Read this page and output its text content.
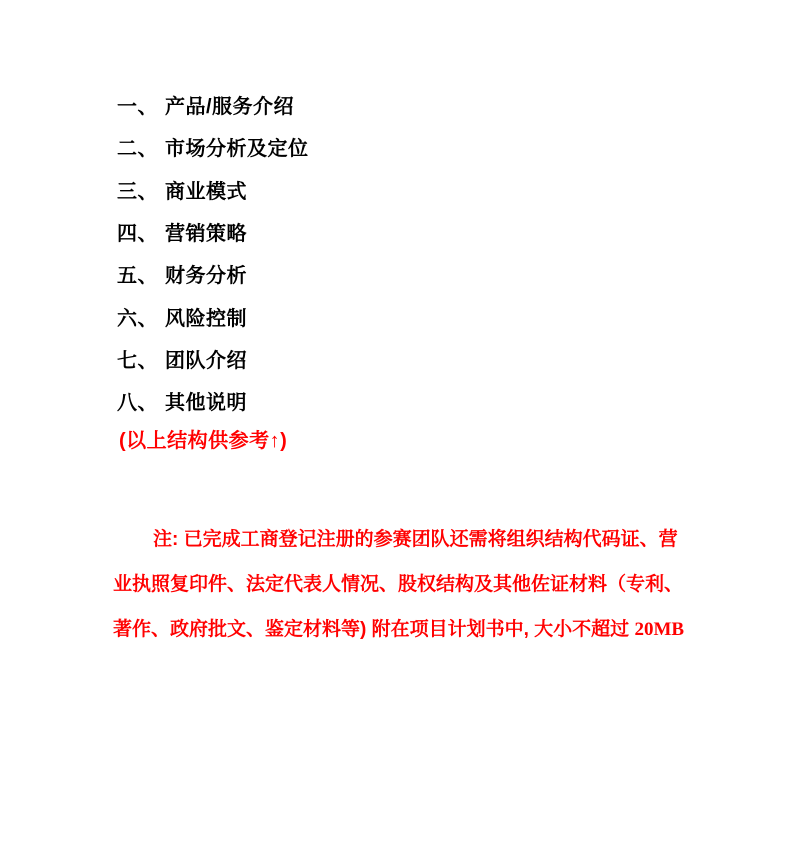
一、 产品/服务介绍
二、 市场分析及定位
三、 商业模式
四、 营销策略
五、 财务分析
六、 风险控制
七、 团队介绍
八、 其他说明
(以上结构供参考↑)
注: 已完成工商登记注册的参赛团队还需将组织结构代码证、营
业执照复印件、法定代表人情况、股权结构及其他佐证材料（专利、
著作、政府批文、鉴定材料等) 附在项目计划书中, 大小不超过 20MB
